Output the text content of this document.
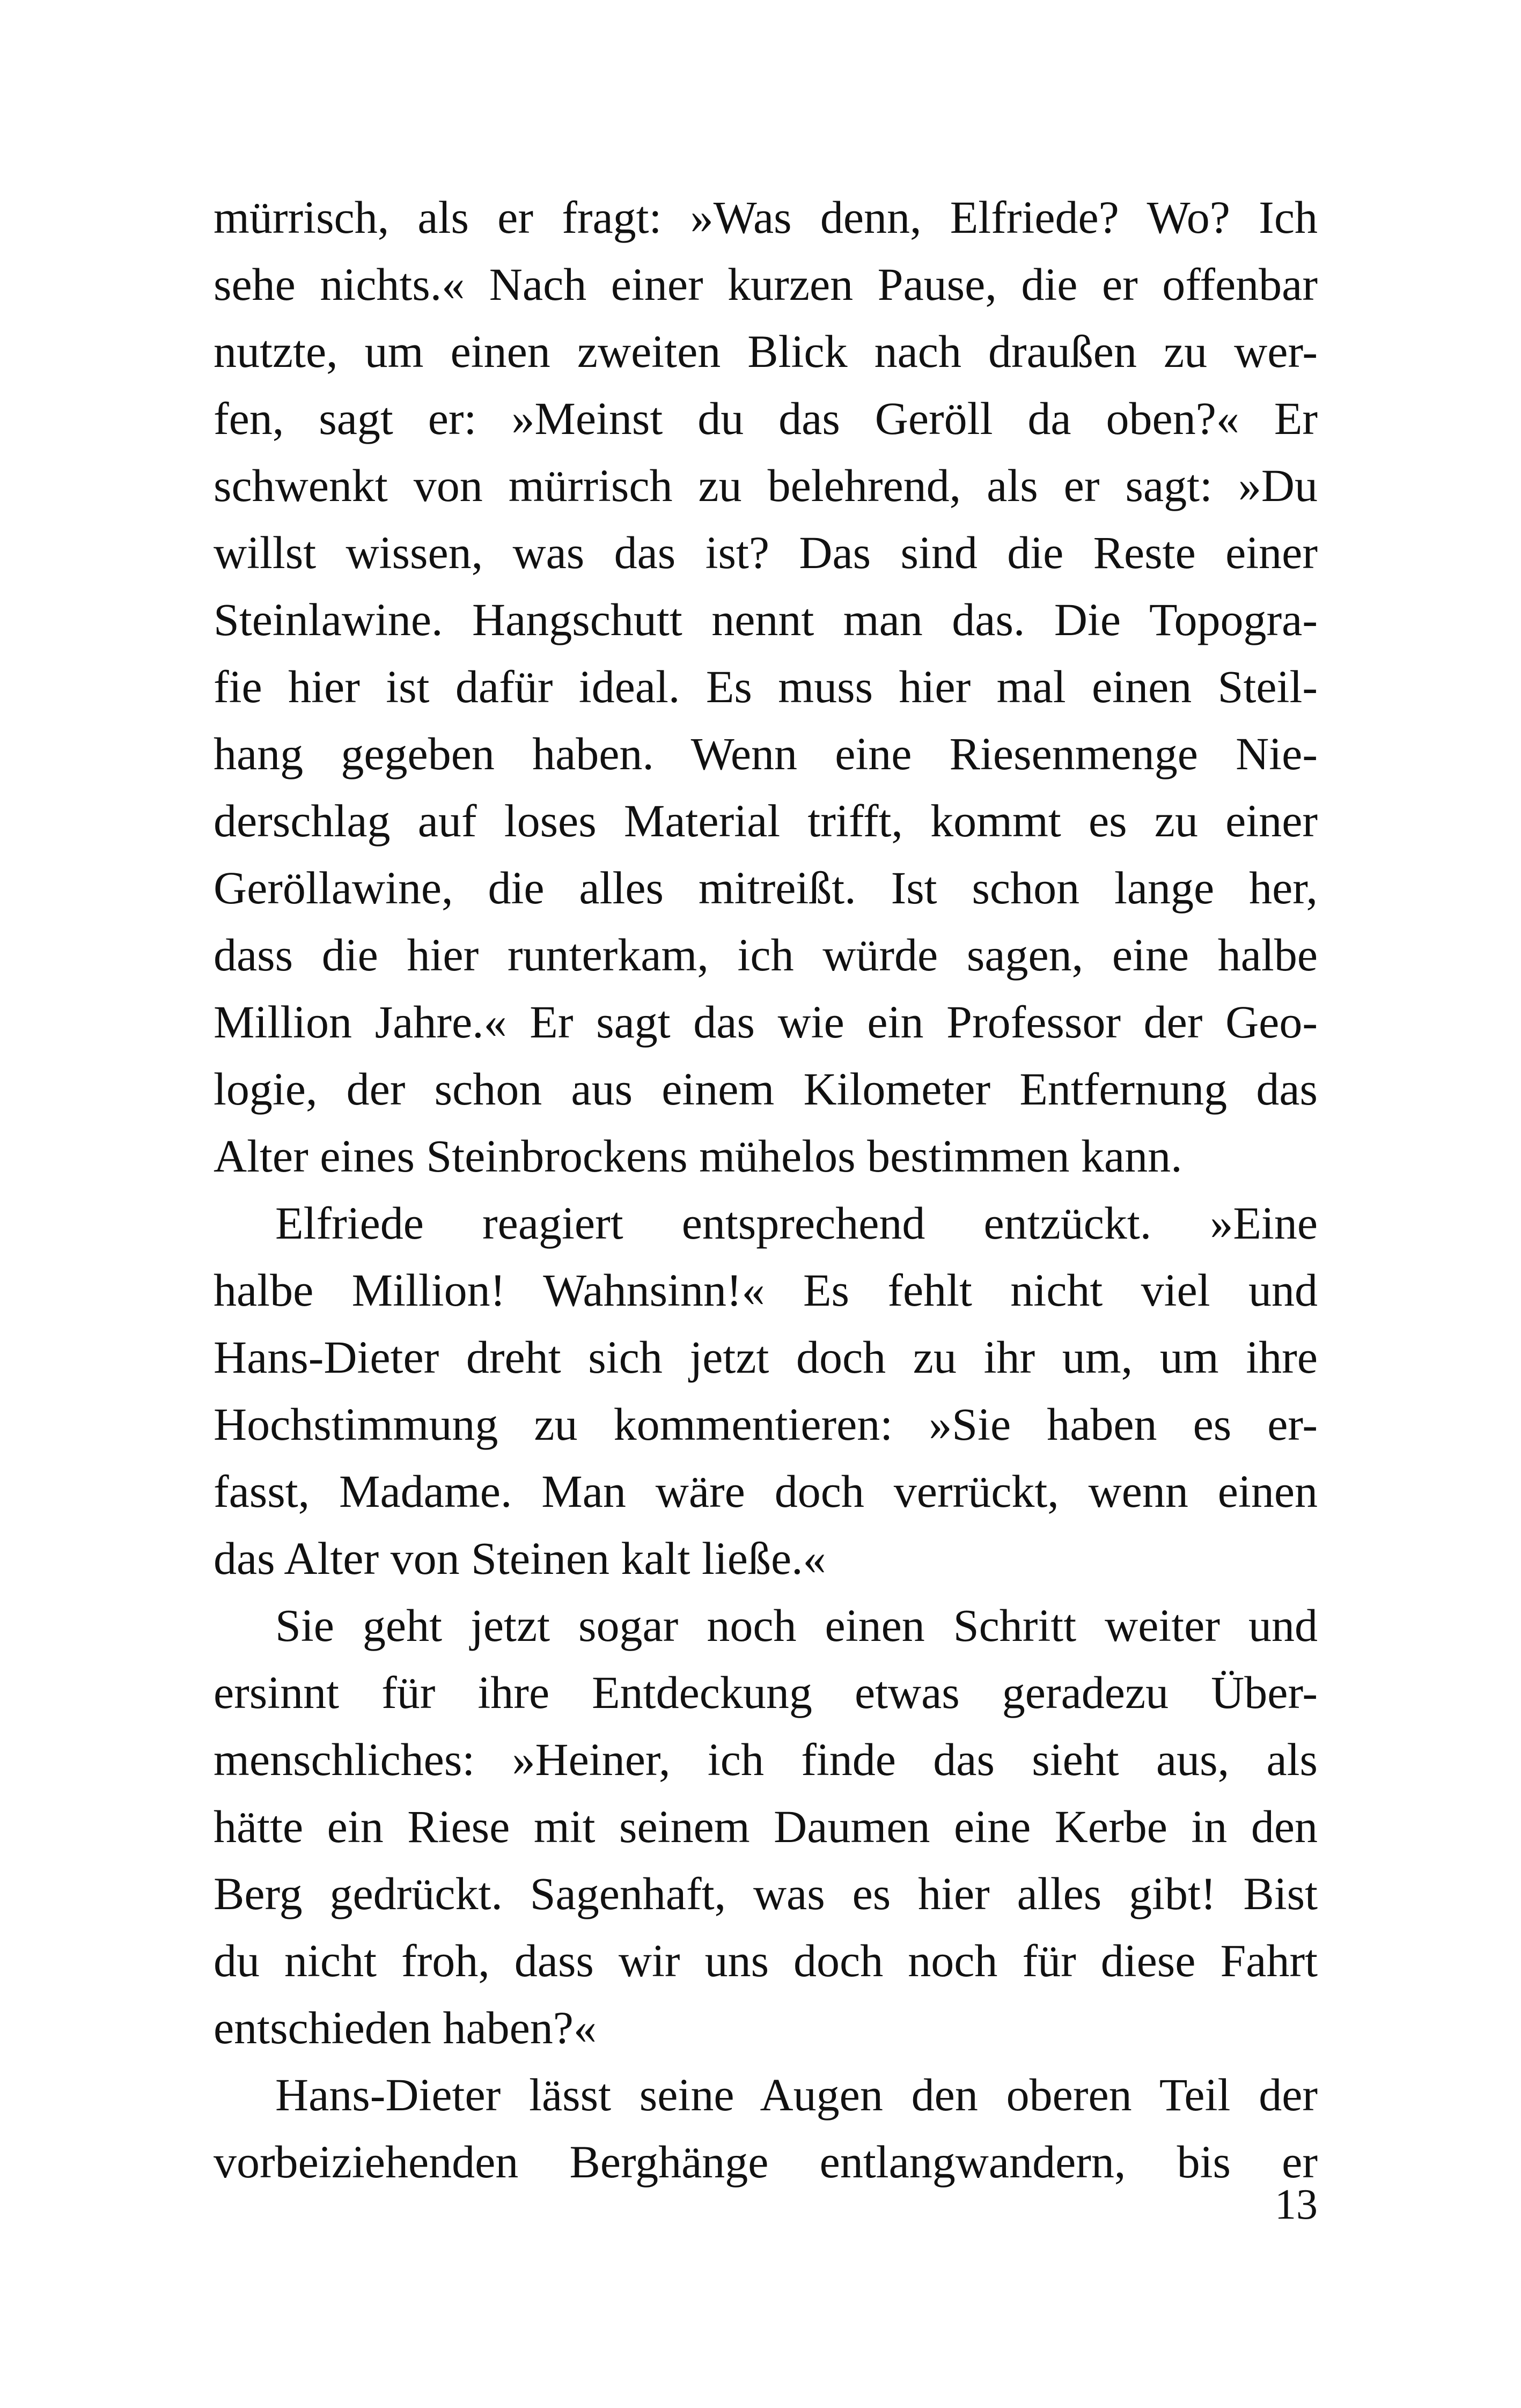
mürrisch, als er fragt: »Was denn, Elfriede? Wo? Ich
sehe nichts.« Nach einer kurzen Pause, die er offenbar
nutzte, um einen zweiten Blick nach draußen zu wer-
fen, sagt er: »Meinst du das Geröll da oben?« Er
schwenkt von mürrisch zu belehrend, als er sagt: »Du
willst wissen, was das ist? Das sind die Reste einer
Steinlawine. Hangschutt nennt man das. Die Topogra-
fie hier ist dafür ideal. Es muss hier mal einen Steil-
hang gegeben haben. Wenn eine Riesenmenge Nie-
derschlag auf loses Material trifft, kommt es zu einer
Geröllawine, die alles mitreißt. Ist schon lange her,
dass die hier runterkam, ich würde sagen, eine halbe
Million Jahre.« Er sagt das wie ein Professor der Geo-
logie, der schon aus einem Kilometer Entfernung das
Alter eines Steinbrockens mühelos bestimmen kann.
Elfriede reagiert entsprechend entzückt. »Eine
halbe Million! Wahnsinn!« Es fehlt nicht viel und
Hans-Dieter dreht sich jetzt doch zu ihr um, um ihre
Hochstimmung zu kommentieren: »Sie haben es er-
fasst, Madame. Man wäre doch verrückt, wenn einen
das Alter von Steinen kalt ließe.«
Sie geht jetzt sogar noch einen Schritt weiter und
ersinnt für ihre Entdeckung etwas geradezu Über-
menschliches: »Heiner, ich finde das sieht aus, als
hätte ein Riese mit seinem Daumen eine Kerbe in den
Berg gedrückt. Sagenhaft, was es hier alles gibt! Bist
du nicht froh, dass wir uns doch noch für diese Fahrt
entschieden haben?«
Hans-Dieter lässt seine Augen den oberen Teil der
vorbeiziehenden Berghänge entlangwandern, bis er
13
